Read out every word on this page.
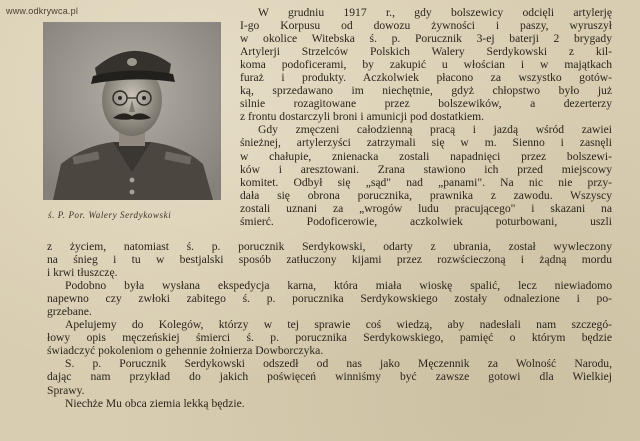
www.odkrywca.pl
ś. P. Por. Walery Serdykowski
W grudniu 1917 r., gdy bolszewicy odcięli artylerję
I-go Korpusu od dowozu żywności i paszy, wyruszył
w okolice Witebska ś. p. Porucznik 3-ej baterji 2 brygady
Artylerji Strzelców Polskich Walery Serdykowski z kil-
koma podoficerami, by zakupić u włościan i w majątkach
furaż i produkty. Aczkolwiek płacono za wszystko gotów-
ką, sprzedawano im niechętnie, gdyż chłopstwo było już
silnie rozagitowane przez bolszewików, a dezerterzy
z frontu dostarczyli broni i amunicji pod dostatkiem.
Gdy zmęczeni całodzienną pracą i jazdą wśród zawiei
śnieżnej, artylerzyści zatrzymali się w m. Sienno i zasnęli
w chałupie, znienacka zostali napadnięci przez bolszewi-
ków i aresztowani. Zrana stawiono ich przed miejscowy
komitet. Odbył się „sąd" nad „panami". Na nic nie przy-
dała się obrona porucznika, prawnika z zawodu. Wszyscy
zostali uznani za „wrogów ludu pracującego" i skazani na
śmierć. Podoficerowie, aczkolwiek poturbowani, uszli
z życiem, natomiast ś. p. porucznik Serdykowski, odarty z ubrania, został wywleczony
na śnieg i tu w bestjalski sposób zatłuczony kijami przez rozwścieczoną i żądną mordu
i krwi tłuszczę.
Podobno była wysłana ekspedycja karna, która miała wioskę spalić, lecz niewiadomo
napewno czy zwłoki zabitego ś. p. porucznika Serdykowskiego zostały odnalezione i po-
grzebane.
Apelujemy do Kolegów, którzy w tej sprawie coś wiedzą, aby nadesłali nam szczegó-
łowy opis męczeńskiej śmierci ś. p. porucznika Serdykowskiego, pamięć o którym będzie
świadczyć pokoleniom o gehennie żołnierza Dowborczyka.
S. p. Porucznik Serdykowski odszedł od nas jako Męczennik za Wolność Narodu,
dając nam przykład do jakich poświęceń winniśmy być zawsze gotowi dla Wielkiej
Sprawy.
Niechże Mu obca ziemia lekką będzie.
